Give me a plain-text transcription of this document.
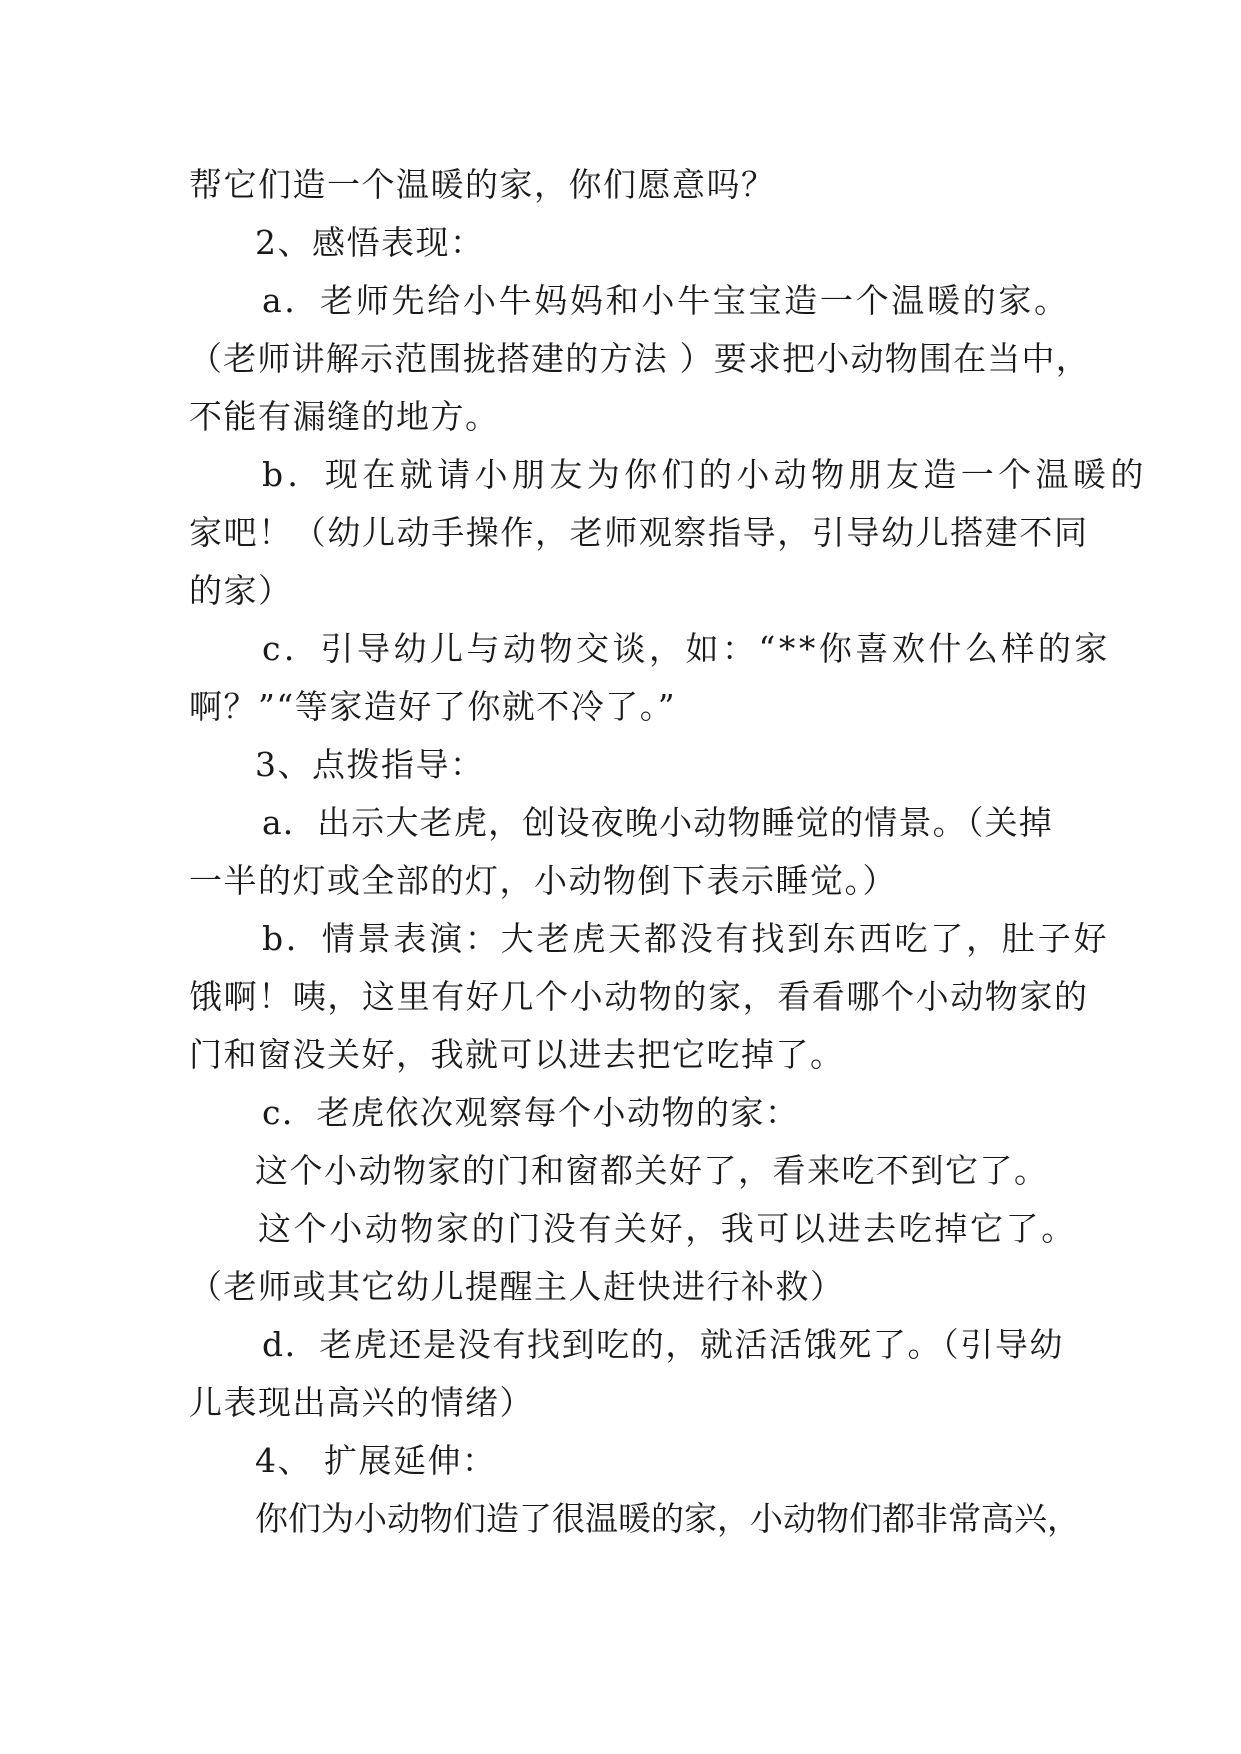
帮它们造一个温暖的家，你们愿意吗？
2、感悟表现：
a．老师先给小牛妈妈和小牛宝宝造一个温暖的家。
（老师讲解示范围拢搭建的方法 ）要求把小动物围在当中，
不能有漏缝的地方。
b．现在就请小朋友为你们的小动物朋友造一个温暖的
家吧！（幼儿动手操作，老师观察指导，引导幼儿搭建不同
的家）
c．引导幼儿与动物交谈，如：“**你喜欢什么样的家
啊？”“等家造好了你就不冷了。”
3、点拨指导：
a．出示大老虎，创设夜晚小动物睡觉的情景。（关掉
一半的灯或全部的灯，小动物倒下表示睡觉。）
b．情景表演：大老虎天都没有找到东西吃了，肚子好
饿啊！咦，这里有好几个小动物的家，看看哪个小动物家的
门和窗没关好，我就可以进去把它吃掉了。
c．老虎依次观察每个小动物的家：
这个小动物家的门和窗都关好了，看来吃不到它了。
这个小动物家的门没有关好，我可以进去吃掉它了。
（老师或其它幼儿提醒主人赶快进行补救）
d．老虎还是没有找到吃的，就活活饿死了。（引导幼
儿表现出高兴的情绪）
4、 扩展延伸：
你们为小动物们造了很温暖的家，小动物们都非常高兴，
